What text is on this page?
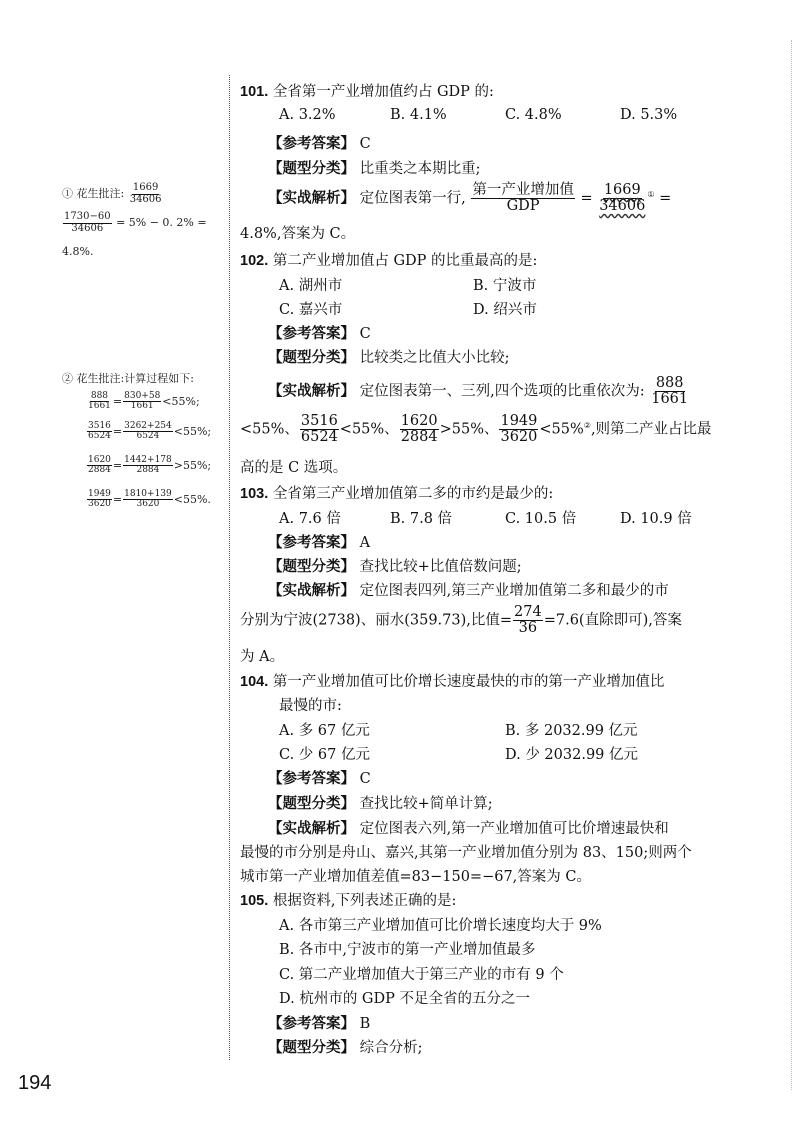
① 花生批注: $\frac{1669}{34606}$
$\frac{1730-60}{34606} = 5\% - 0$. 2% =
4.8%.
② 花生批注:计算过程如下:
$\frac{888}{1661} = \frac{830+58}{1661} <55\%$;
$\frac{3516}{6524} = \frac{3262+254}{6524} <55\%$;
$\frac{1620}{2884} = \frac{1442+178}{2884} >55\%$;
$\frac{1949}{3620} = \frac{1810+139}{3620} <55\%$.
101. 全省第一产业增加值约占 GDP 的:
A. 3.2%	B. 4.1%	C. 4.8%	D. 5.3%
【参考答案】 C
【题型分类】 比重类之本期比重;
【实战解析】 定位图表第一行, $\frac{\text{第一产业增加值}}{\text{GDP}} = \frac{1669}{34606} ^①$ =
4.8%,答案为 C。
102. 第二产业增加值占 GDP 的比重最高的是:
A. 湖州市	B. 宁波市
C. 嘉兴市	D. 绍兴市
【参考答案】 C
【题型分类】 比较类之比值大小比较;
【实战解析】 定位图表第一、三列,四个选项的比重依次为: $\frac{888}{1661}$
<55%、 $\frac{3516}{6524} <55\%$、 $\frac{1620}{2884} >55\%$、 $\frac{1949}{3620} <55\%^②$,则第二产业占比最
高的是 C 选项。
103. 全省第三产业增加值第二多的市约是最少的:
A. 7.6 倍	B. 7.8 倍	C. 10.5 倍	D. 10.9 倍
【参考答案】 A
【题型分类】 查找比较+比值倍数问题;
【实战解析】 定位图表四列,第三产业增加值第二多和最少的市
分别为宁波(2738)、丽水(359.73),比值= $\frac{274}{36} =7.6$(直除即可),答案
为 A。
104. 第一产业增加值可比价增长速度最快的市的第一产业增加值比
最慢的市:
A. 多 67 亿元	B. 多 2032.99 亿元
C. 少 67 亿元	D. 少 2032.99 亿元
【参考答案】 C
【题型分类】 查找比较+简单计算;
【实战解析】 定位图表六列,第一产业增加值可比价增速最快和
最慢的市分别是舟山、嘉兴,其第一产业增加值分别为 83、150;则两个
城市第一产业增加值差值=83−150=−67,答案为 C。
105. 根据资料,下列表述正确的是:
A. 各市第三产业增加值可比价增长速度均大于 9%
B. 各市中,宁波市的第一产业增加值最多
C. 第二产业增加值大于第三产业的市有 9 个
D. 杭州市的 GDP 不足全省的五分之一
【参考答案】 B
【题型分类】 综合分析;
194
